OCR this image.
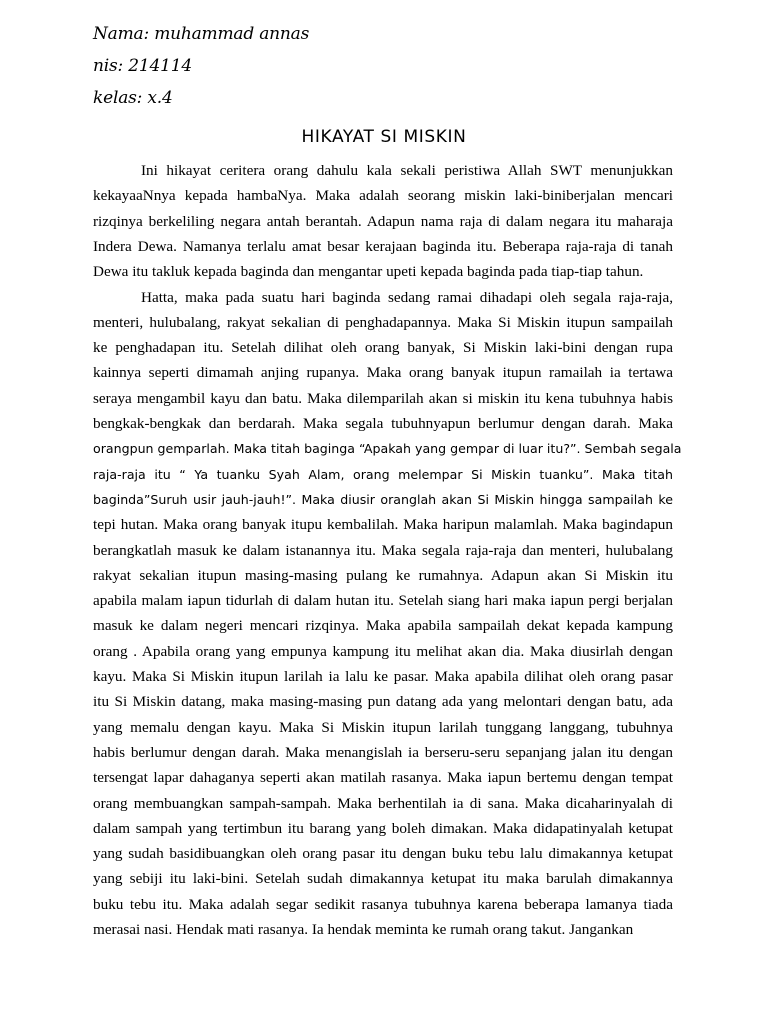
Nama: muhammad annas
nis: 214114
kelas: x.4
HIKAYAT SI MISKIN
Ini hikayat ceritera orang dahulu kala sekali peristiwa Allah SWT menunjukkan
kekayaaNnya kepada hambaNya. Maka adalah seorang miskin laki-biniberjalan mencari
rizqinya berkeliling negara antah berantah. Adapun nama raja di dalam negara itu maharaja
Indera Dewa. Namanya terlalu amat besar kerajaan baginda itu. Beberapa raja-raja di tanah
Dewa itu takluk kepada baginda dan mengantar upeti kepada baginda pada tiap-tiap tahun.
Hatta, maka pada suatu hari baginda sedang ramai dihadapi oleh segala raja-raja,
menteri, hulubalang, rakyat sekalian di penghadapannya. Maka Si Miskin itupun sampailah
ke penghadapan itu. Setelah dilihat oleh orang banyak, Si Miskin laki-bini dengan rupa
kainnya seperti dimamah anjing rupanya. Maka orang banyak itupun ramailah ia tertawa
seraya mengambil kayu dan batu. Maka dilemparilah akan si miskin itu kena tubuhnya habis
bengkak-bengkak dan berdarah. Maka segala tubuhnyapun berlumur dengan darah. Maka
orangpun gemparlah. Maka titah baginga “Apakah yang gempar di luar itu?”. Sembah segala
raja-raja itu “ Ya tuanku Syah Alam, orang melempar Si Miskin tuanku”. Maka titah
baginda”Suruh usir jauh-jauh!”. Maka diusir oranglah akan Si Miskin hingga sampailah ke
tepi hutan. Maka orang banyak itupu kembalilah. Maka haripun malamlah. Maka bagindapun
berangkatlah masuk ke dalam istanannya itu. Maka segala raja-raja dan menteri, hulubalang
rakyat sekalian itupun masing-masing pulang ke rumahnya. Adapun akan Si Miskin itu
apabila malam iapun tidurlah di dalam hutan itu. Setelah siang hari maka iapun pergi berjalan
masuk ke dalam negeri mencari rizqinya. Maka apabila sampailah dekat kepada kampung
orang . Apabila orang yang empunya kampung itu melihat akan dia. Maka diusirlah dengan
kayu. Maka Si Miskin itupun larilah ia lalu ke pasar. Maka apabila dilihat oleh orang pasar
itu Si Miskin datang, maka masing-masing pun datang ada yang melontari dengan batu, ada
yang memalu dengan kayu. Maka Si Miskin itupun larilah tunggang langgang, tubuhnya
habis berlumur dengan darah. Maka menangislah ia berseru-seru sepanjang jalan itu dengan
tersengat lapar dahaganya seperti akan matilah rasanya. Maka iapun bertemu dengan tempat
orang membuangkan sampah-sampah. Maka berhentilah ia di sana. Maka dicaharinyalah di
dalam sampah yang tertimbun itu barang yang boleh dimakan. Maka didapatinyalah ketupat
yang sudah basidibuangkan oleh orang pasar itu dengan buku tebu lalu dimakannya ketupat
yang sebiji itu laki-bini. Setelah sudah dimakannya ketupat itu maka barulah dimakannya
buku tebu itu. Maka adalah segar sedikit rasanya tubuhnya karena beberapa lamanya tiada
merasai nasi. Hendak mati rasanya. Ia hendak meminta ke rumah orang takut. Jangankan
